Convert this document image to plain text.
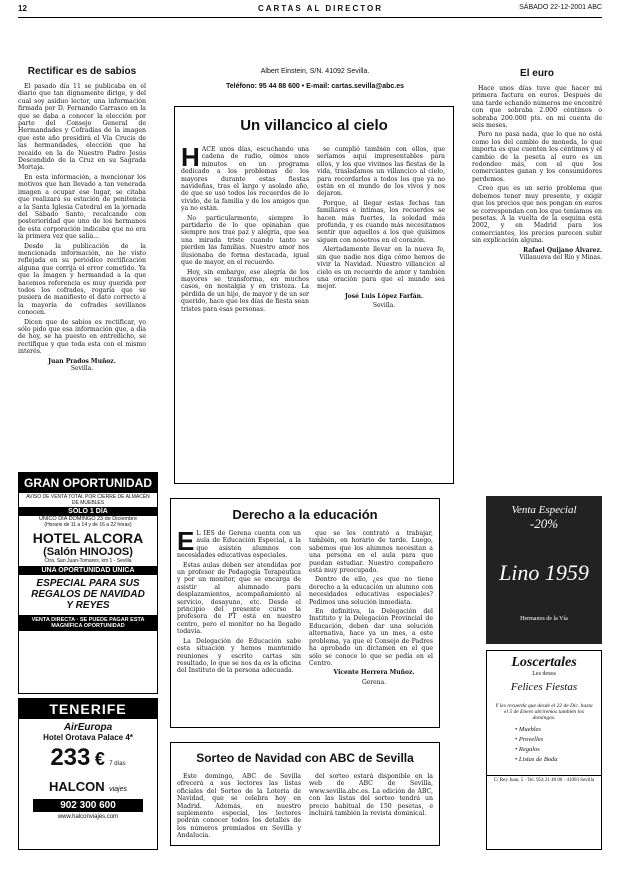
12	CARTAS AL DIRECTOR	SÁBADO 22-12-2001 ABC
Rectificar es de sabios

El pasado día 11 se publicaba en el diario que tan dignamente dirige, y del cual soy asiduo lector, una información firmada por D. Fernando Carrasco en la que se daba a conocer la elección por parte del Consejo General de Hermandades y Cofradías de la imagen que este año presidirá el Vía Crucis de las hermandades, elección que ha recaído en la de Nuestro Padre Jesús Descendido de la Cruz en su Sagrada Mortaja.

En esta información, a mencionar los motivos que han llevado a tan venerada imagen a ocupar ese lugar, se citaba que realizará su estación de penitencia a la Santa Iglesia Catedral en la jornada del Sábado Santo, recalcando con posterioridad que uno de los hermanos de esta corporación indicaba que no era la primera vez que salía...

Desde la publicación de la mencionada información, no he visto reflejada en su periódico rectificación alguna que corrija el error cometido. Ya que la imagen y hermandad a la que hacemos referencia es muy querida por todos los cofrades, rogaría que se pusiera de manifiesto el dato correcto a la mayoría de cofrades sevillanos conocen.

Dicen que de sabios es rectificar, yo sólo pido que esa información que, a día de hoy, se ha puesto en entredicho, se rectifique y que toda esta con el mismo interés.

Juan Prados Muñoz.

Sevilla.

Albert Einstein, S/N. 41092 Sevilla.
Teléfono: 95 44 88 600 • E-mail: cartas.sevilla@abc.es
Un villancico al cielo
H ACE unos días, escuchando una cadena de radio, oímos unos minutos en un programa dedicado a los problemas de los mayores durante estas fiestas navideñas, tras el largo y asolado año, de que se usó todos los recuerdos de lo vivido, de la familia y de los amigos que ya no están.

No particularmente, siempre lo partidario de lo que opinaban que siempre nos trae paz y alegría, que sea una mirada triste cuando tanto se pierden las familias. Nuestro amor nos ilusionaba de forma destacada, igual que de mayor, en el recuerdo.

Hoy, sin embargo, ese alegría de los mayores se transforma, en muchos casos, en nostalgia y en tristeza. La pérdida de un hijo, de mayor y de un ser querido, hace que los días de fiesta sean tristes para esas personas.

se cumplió también con ellos, que seríamos aquí impresentables para ellos, y los que vivimos las fiestas de la vida, trasladamos un villancico al cielo, para recordarlos a todos los que ya no están en el mundo de los vivos y nos dejaron.

Porque, al llegar estas fechas tan familiares e íntimas, los recuerdos se hacen más fuertes, la soledad más profunda, y es cuando más necesitamos sentir que aquellos a los que quisimos siguen con nosotros en el corazón.

Alertadamente llevar en la nueva fe, sin que nadie nos diga cómo hemos de vivir la Navidad. Nuestro villancico al cielo es un recuerdo de amor y también una oración para que el mundo sea mejor.

José Luis López Farfán.

Sevilla.

El euro

Hace unos días tuve que hacer mi primera factura en euros. Después de una tarde echando números me encontré con que sobraba 2.000 céntimos o sobraba 200.000 pts. en mi cuenta de seis meses.

Pero no pasa nada, que lo que no está como los del cambio de moneda, lo que importa es que cuenten los céntimos y el cambio de la peseta al euro es un redondeo más, con el que los comerciantes ganan y los consumidores perdemos.

Creo que es un serio problema que debemos tener muy presente, y exigir que los precios que nos pongan en euros se correspondan con los que teníamos en pesetas. A la vuelta de la esquina está 2002, y en Madrid para los comerciantes, los precios parecen subir sin explicación alguna.

Rafael Quijano Álvarez.

Villanueva del Río y Minas.

GRAN OPORTUNIDAD
AVISO DE VENTA TOTAL POR CIERRE DE ALMACÉN DE MUEBLES
SÓLO 1 DÍA
ÚNICO DÍA DOMINGO 23 de Diciembre
(Horario de 11 a 14 y de 16 a 22 horas)
HOTEL ALCORA
(Salón HINOJOS)
Ctra. San Juan-Tomares, km 1 - Sevilla
UNA OPORTUNIDAD ÚNICA
ESPECIAL PARA SUS
REGALOS DE NAVIDAD
Y REYES
VENTA DIRECTA · SE PUEDE PAGAR ESTA MAGNÍFICA OPORTUNIDAD
TENERIFE
AirEuropa
Hotel Orotava Palace 4*
233 € 7 días
HALCON viajes
902 300 600
www.halconviajes.com
Derecho a la educación
E L IES de Gerena cuenta con un aula de Educación Especial, a la que asisten alumnos con necesidades educativas especiales.

Estas aulas deben ser atendidas por un profesor de Pedagogía Terapéutica y por un monitor, que se encarga de asistir al alumnado para desplazamientos, acompañamiento al servicio, desayuno, etc. Desde el principio del presente curso la profesora de PT está en nuestro centro, pero el monitor no ha llegado todavía.

La Delegación de Educación sabe esta situación y hemos mantenido reuniones y escrito cartas sin resultado, lo que se nos da es la oficina del Instituto de la persona adecuada.

que se les contrató a trabajar, también, en horario de tarde. Luego, sabemos que los alumnos necesitan a una persona en el aula para que puedan estudiar. Nuestro compañero está muy preocupado.

Dentro de ello, ¿es que no tiene derecho a la educación un alumno con necesidades educativas especiales? Pedimos una solución inmediata.

En definitiva, la Delegación del Instituto y la Delegación Provincial de Educación, deben dar una solución alternativa, hace ya un mes, a este problema, ya que el Consejo de Padres ha aprobado un dictamen en el que sólo se conoce lo que se pedía en el Centro.

Vicente Herrera Muñoz.

Gerena.

Sorteo de Navidad con ABC de Sevilla

Este domingo, ABC de Sevilla ofrecerá a sus lectores las listas oficiales del Sorteo de la Lotería de Navidad, que se celebra hoy en Madrid. Además, en nuestro suplemento especial, los lectores podrán conocer todos los detalles de los números premiados en Sevilla y Andalucía.

del sorteo estará disponible en la web de ABC de Sevilla, www.sevilla.abc.es. La edición de ABC, con las listas del sorteo tendrá un precio habitual de 150 pesetas, e incluirá también la revista dominical.

Venta Especial
-20%
Lino 1959
Hermanos de la Vía
Loscertales
Les desea
Felices Fiestas
Y les recuerda que desde el 22 de Dic. hasta el 5 de Enero abriremos también los domingos.
• Muebles
• Provelles
• Regalos
• Listas de Boda
C/ Rey Juan, 5 · Tel. 954 21 40 00 · 41003 Sevilla
